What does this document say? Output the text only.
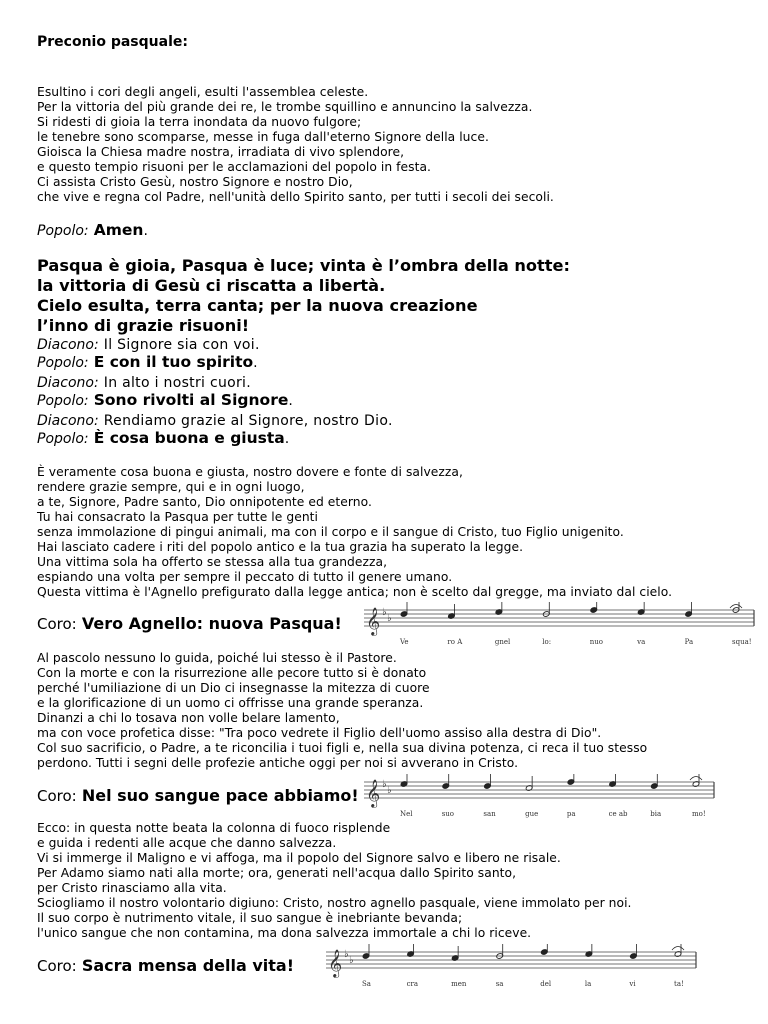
Preconio pasquale:
Esultino i cori degli angeli, esulti l'assemblea celeste.
Per la vittoria del più grande dei re, le trombe squillino e annuncino la salvezza.
Si ridesti di gioia la terra inondata da nuovo fulgore;
le tenebre sono scomparse, messe in fuga dall'eterno Signore della luce.
Gioisca la Chiesa madre nostra, irradiata di vivo splendore,
e questo tempio risuoni per le acclamazioni del popolo in festa.
Ci assista Cristo Gesù, nostro Signore e nostro Dio,
che vive e regna col Padre, nell'unità dello Spirito santo, per tutti i secoli dei secoli.
Popolo: Amen.
Pasqua è gioia, Pasqua è luce; vinta è l’ombra della notte:
la vittoria di Gesù ci riscatta a libertà.
Cielo esulta, terra canta; per la nuova creazione
l’inno di grazie risuoni!
Diacono: Il Signore sia con voi.
Popolo: E con il tuo spirito.
Diacono: In alto i nostri cuori.
Popolo: Sono rivolti al Signore.
Diacono: Rendiamo grazie al Signore, nostro Dio.
Popolo: È cosa buona e giusta.
È veramente cosa buona e giusta, nostro dovere e fonte di salvezza,
rendere grazie sempre, qui e in ogni luogo,
a te, Signore, Padre santo, Dio onnipotente ed eterno.
Tu hai consacrato la Pasqua per tutte le genti
senza immolazione di pingui animali, ma con il corpo e il sangue di Cristo, tuo Figlio unigenito.
Hai lasciato cadere i riti del popolo antico e la tua grazia ha superato la legge.
Una vittima sola ha offerto se stessa alla tua grandezza,
espiando una volta per sempre il peccato di tutto il genere umano.
Questa vittima è l'Agnello prefigurato dalla legge antica; non è scelto dal gregge, ma inviato dal cielo.
Coro: Vero Agnello: nuova Pasqua! 𝄞 ♭
♭
Ve	ro A	gnel	lo:	nuo	va	Pa	squa!
Al pascolo nessuno lo guida, poiché lui stesso è il Pastore.
Con la morte e con la risurrezione alle pecore tutto si è donato
perché l'umiliazione di un Dio ci insegnasse la mitezza di cuore
e la glorificazione di un uomo ci offrisse una grande speranza.
Dinanzi a chi lo tosava non volle belare lamento,
ma con voce profetica disse: "Tra poco vedrete il Figlio dell'uomo assiso alla destra di Dio".
Col suo sacrificio, o Padre, a te riconcilia i tuoi figli e, nella sua divina potenza, ci reca il tuo stesso
perdono. Tutti i segni delle profezie antiche oggi per noi si avverano in Cristo.
Coro: Nel suo sangue pace abbiamo! 𝄞 ♭
♭
Nel	suo	san	gue	pa	ce ab	bia	mo!
Ecco: in questa notte beata la colonna di fuoco risplende
e guida i redenti alle acque che danno salvezza.
Vi si immerge il Maligno e vi affoga, ma il popolo del Signore salvo e libero ne risale.
Per Adamo siamo nati alla morte; ora, generati nell'acqua dallo Spirito santo,
per Cristo rinasciamo alla vita.
Sciogliamo il nostro volontario digiuno: Cristo, nostro agnello pasquale, viene immolato per noi.
Il suo corpo è nutrimento vitale, il suo sangue è inebriante bevanda;
l'unico sangue che non contamina, ma dona salvezza immortale a chi lo riceve.
Coro: Sacra mensa della vita! 𝄞 ♭
♭
Sa	cra	men	sa	del	la	vi	ta!
